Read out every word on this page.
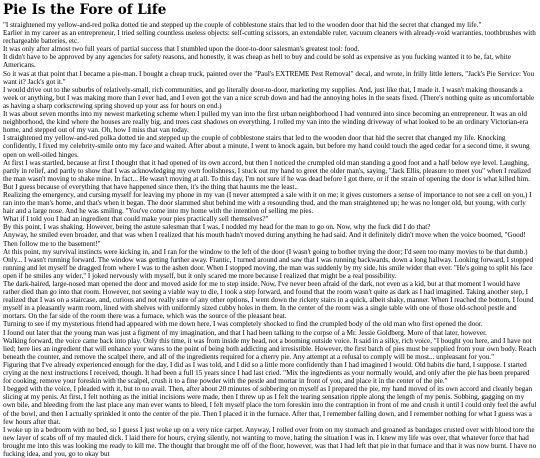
Pie Is the Fore of Life

"I straightened my yellow-and-red polka dotted tie and stepped up the couple of cobblestone stairs that led to the wooden door that hid the secret that changed my life."

Earlier in my career as an entrepreneur, I tried selling countless useless objects: self-cutting scissors, an extendable ruler, vacuum cleaners with already-void warranties, toothbrushes with rechargeable batteries, etc.

It was only after almost two full years of partial success that I stumbled upon the door-to-door salesman's greatest tool: food.

It didn't have to be approved by any agencies for safety reasons, and honestly, it was cheap as hell to buy and could be sold as expensive as you fucking wanted it to be, fat, white Americans.

So it was at that point that I became a pie-man. I bought a cheap truck, painted over the "Paul's EXTREME Pest Removal" decal, and wrote, in frilly little letters, "Jack's Pie Service: You want it? Jack's got it."

I would drive out to the suburbs of relatively-small, rich communities, and go literally door-to-door, marketing my supplies. And, just like that, I made it. I wasn't making thousands a week or anything, but I was making more than I ever had, and I even got the van a nice scrub down and had the annoying holes in the seats fixed. (There's nothing quite as uncomfortable as having a sharp corkscrewing spring shoved up your ass for hours on end.)

It was about seven months into my newest marketing scheme when I pulled my van into the first urban neighborhood I had ventured into since becoming an entrepreneur. It was an old neighborhood, the kind where the houses are really big, and trees cast shadows on everything. I rolled my van into the winding driveway of what looked to be an ordinary Victorian-era home, and stepped out of my van. Oh, how I miss that van today.

I straightened my yellow-and-red polka dotted tie and stepped up the couple of cobblestone stairs that led to the wooden door that hid the secret that changed my life. Knocking confidently, I fixed my celebrity-smile onto my face and waited. After about a minute, I went to knock again, but before my hand could touch the aged cedar for a second time, it swung open on well-oiled hinges.

At first I was startled, because at first I thought that it had opened of its own accord, but then I noticed the crumpled old man standing a good foot and a half below eye level. Laughing, partly in relief, and partly to show that I was acknowledging my own foolishness, I stuck out my hand to greet the older man's, saying, "Jack Ellis, pleasure to meet you" when I realized the man wasn't moving to shake mine. In fact... He wasn't moving at all. To this day, I'm not sure if he was dead before I got there, or if the strain of opening the door is what killed him. But I guess because of everything that have happened since then, it's the thing that haunts me the least..

Realizing the emergency, and cursing myself for leaving my phone in my van (I never attempted a sale with it on me; it gives customers a sense of importance to not see a cell on you,) I ran into the man's home, and that's when it began. The door slammed shut behind me with a resounding thud, and the man straightened up; he was no longer old, but young, with curly hair and a large nose. And he was smiling. "You've come into my home with the intention of selling me pies.

What if I told you I had an ingredient that could make your pies practically sell themselves?"

By this point, I was shaking. However, being the astute salesman that I was, I nodded my head for the man to go on. Now, why the fuck did I do that?

Anyway, he smiled even broader, and that was when I realized that his mouth hadn't moved during anything he had said. And it definitely didn't move when the voice boomed, "Good! Then follow me to the basement!"

At this point, my survival instincts were kicking in, and I ran for the window to the left of the door (I wasn't going to bother trying the door; I'd seen too many movies to be that dumb.) Only... I wasn't running forward. The window was getting further away. Frantic, I turned around and saw that I was running backwards, down a long hallway. Looking forward, I stopped running and let myself be dragged from where I was to the ashen door. When I stopped moving, the man was suddenly by my side, his smile wider than ever. "He's going to split his face open if he smiles any wider," I joked nervously with myself, but it only scared me more because I realized that might be a real possibility.

The dark-haired, large-nosed man opened the door and moved aside for me to step inside. Now, I've never been afraid of the dark, not even as a kid, but at that moment I would have rather died than go into that room. However, not seeing a viable way to die, I took a step forward, and found that the room wasn't quite as dark as I had imagined. Taking another step, I realized that I was on a staircase, and, curious and not really sure of any other options, I went down the rickety stairs in a quick, albeit shaky, manner. When I reached the bottom, I found myself in a pleasantly warm room, lined with shelves with uniformly sized cubby holes in them. In the center of the room was a single table with one of those old-school pestle and mortars. On the far side of the room there was a furnace, which was the source of the pleasant heat.

Turning to see if my mysterious friend had appeared with me down here, I was completely shocked to find the crumpled body of the old man who first opened the door.

I found out later that the young man was just a figment of my imagination, and that I had been talking to the corpse of a Mr. Jessie Goldberg. More of that later, however.

Walking forward, the voice came back into play. Only this time, it was from inside my head, not a booming outside voice. It said in a silky, rich voice, "I bought you here, and I have not lied; here lies an ingredient that will enhance your wares to the point of being both addicting and irresistible. However, the first batch of pies must be supplied from your own body. Reach beneath the counter, and remove the scalpel there, and all of the ingredients required for a cherry pie. Any attempt at a refusal to comply will be most... unpleasant for you."

Figuring that I've already experienced enough for the day, I did as I was told, and I did so a little more confidently than I had imagined I would. Old habits die hard, I suppose. I started crying at the next instructions I received, though. It had been a full 15 years since I had last cried. "Mix the ingredients as your normally would, and only after the pie has been prepared for cooking, remove your foreskin with the scalpel, crush it to a fine powder with the pestle and mortar in front of you, and place it in the center of the pie."

I begged with the voice, I pleaded with it, but to no avail. Then, after about 20 minutes of sobbering on myself as I prepared the pie, my hand moved of its own accord and cleanly began slicing at my penis. At first, I felt nothing as the initial incisions were made, then I threw up as I felt the tearing sensation ripple along the length of my penis. Sobbing, gagging on my own bile, and bleeding from the last place any man ever wants to bleed, I felt myself place the torn foreskin into the contraption in front of me and crush it until I could only feel the awful of the bowl, and then I actually sprinkled it onto the center of the pie. Then I placed it in the furnace. After that, I remember falling down, and I remember nothing for what I guess was a few hours after that.

I woke up in a bedroom with no bed, so I guess I just woke up on a very nice carpet. Anyway, I rolled over from on my stomach and groaned as bandages crusted over with blood tore the new layer of scabs off of my mauled dick. I laid there for hours, crying silently, not wanting to move, hating the situation I was in. I knew my life was over, that whatever force that had brought me into this was looking me ready to kill me. The thought that brought me off of the floor, however, was that I had left that pie in that furnace and that it was now burnt. I have no fucking idea, and you, go to okay but
